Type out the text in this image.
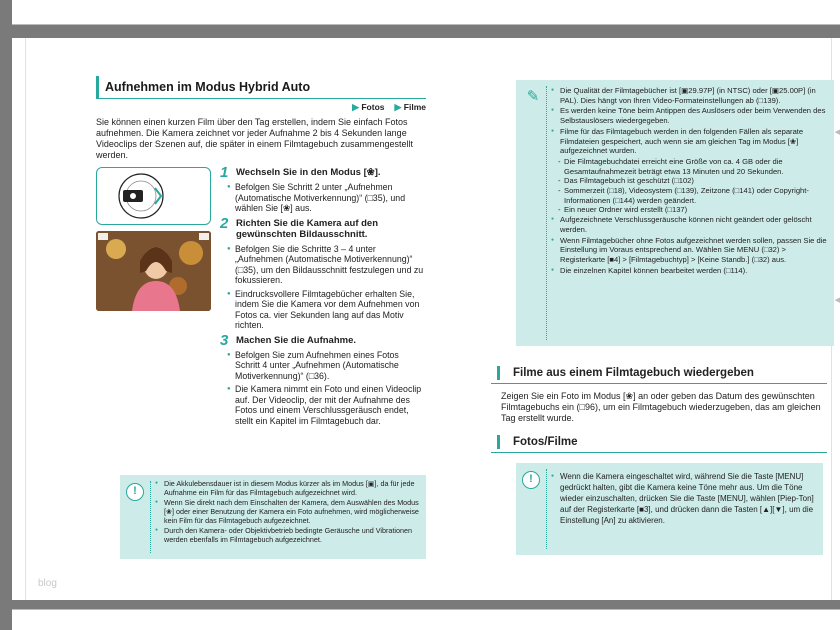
Aufnehmen im Modus Hybrid Auto
▶ Fotos ▶ Filme

Sie können einen kurzen Film über den Tag erstellen, indem Sie einfach Fotos aufnehmen. Die Kamera zeichnet vor jeder Aufnahme 2 bis 4 Sekunden lange Videoclips der Szenen auf, die später in einem Filmtagebuch zusammengestellt werden.

1 Wechseln Sie in den Modus [❀].
● Befolgen Sie Schritt 2 unter „Aufnehmen (Automatische Motiverkennung)“ (□35), und wählen Sie [❀] aus.
2 Richten Sie die Kamera auf den gewünschten Bildausschnitt.
● Befolgen Sie die Schritte 3 – 4 unter „Aufnehmen (Automatische Motiverkennung)“ (□35), um den Bildausschnitt festzulegen und zu fokussieren.
● Eindrucksvollere Filmtagebücher erhalten Sie, indem Sie die Kamera vor dem Aufnehmen von Fotos ca. vier Sekunden lang auf das Motiv richten.
3 Machen Sie die Aufnahme.
● Befolgen Sie zum Aufnehmen eines Fotos Schritt 4 unter „Aufnehmen (Automatische Motiverkennung)“ (□36).
● Die Kamera nimmt ein Foto und einen Videoclip auf. Der Videoclip, der mit der Aufnahme des Fotos und einem Verschlussgeräusch endet, stellt ein Kapitel im Filmtagebuch dar.
!
● Die Akkulebensdauer ist in diesem Modus kürzer als im Modus [▣], da für jede Aufnahme ein Film für das Filmtagebuch aufgezeichnet wird.
● Wenn Sie direkt nach dem Einschalten der Kamera, dem Auswählen des Modus [❀] oder einer Benutzung der Kamera ein Foto aufnehmen, wird möglicherweise kein Film für das Filmtagebuch aufgezeichnet.
● Durch den Kamera- oder Objektivbetrieb bedingte Geräusche und Vibrationen werden ebenfalls im Filmtagebuch aufgezeichnet.
✎	● Die Qualität der Filmtagebücher ist [▣29.97P] (in NTSC) oder [▣25.00P] (in PAL). Dies hängt von Ihren Video-Formateinstellungen ab (□139).
● Es werden keine Töne beim Antippen des Auslösers oder beim Verwenden des Selbstauslösers wiedergegeben.
● Filme für das Filmtagebuch werden in den folgenden Fällen als separate Filmdateien gespeichert, auch wenn sie am gleichen Tag im Modus [❀] aufgezeichnet wurden.
- Die Filmtagebuchdatei erreicht eine Größe von ca. 4 GB oder die Gesamtaufnahmezeit beträgt etwa 13 Minuten und 20 Sekunden.
- Das Filmtagebuch ist geschützt (□102)
- Sommerzeit (□18), Videosystem (□139), Zeitzone (□141) oder Copyright-Informationen (□144) werden geändert.
- Ein neuer Ordner wird erstellt (□137)
● Aufgezeichnete Verschlussgeräusche können nicht geändert oder gelöscht werden.
● Wenn Filmtagebücher ohne Fotos aufgezeichnet werden sollen, passen Sie die Einstellung im Voraus entsprechend an. Wählen Sie MENU (□32) > Registerkarte [■4] > [Filmtagebuchtyp] > [Keine Standb.] (□32) aus.
● Die einzelnen Kapitel können bearbeitet werden (□114).
Filme aus einem Filmtagebuch wiedergeben

Zeigen Sie ein Foto im Modus [❀] an oder geben das Datum des gewünschten Filmtagebuchs ein (□96), um ein Filmtagebuch wiederzugeben, das am gleichen Tag erstellt wurde.

Fotos/Filme
!	● Wenn die Kamera eingeschaltet wird, während Sie die Taste [MENU] gedrückt halten, gibt die Kamera keine Töne mehr aus. Um die Töne wieder einzuschalten, drücken Sie die Taste [MENU], wählen [Piep-Ton] auf der Registerkarte [■3], und drücken dann die Tasten [▲][▼], um die Einstellung [An] zu aktivieren.
◀
◀
blog
